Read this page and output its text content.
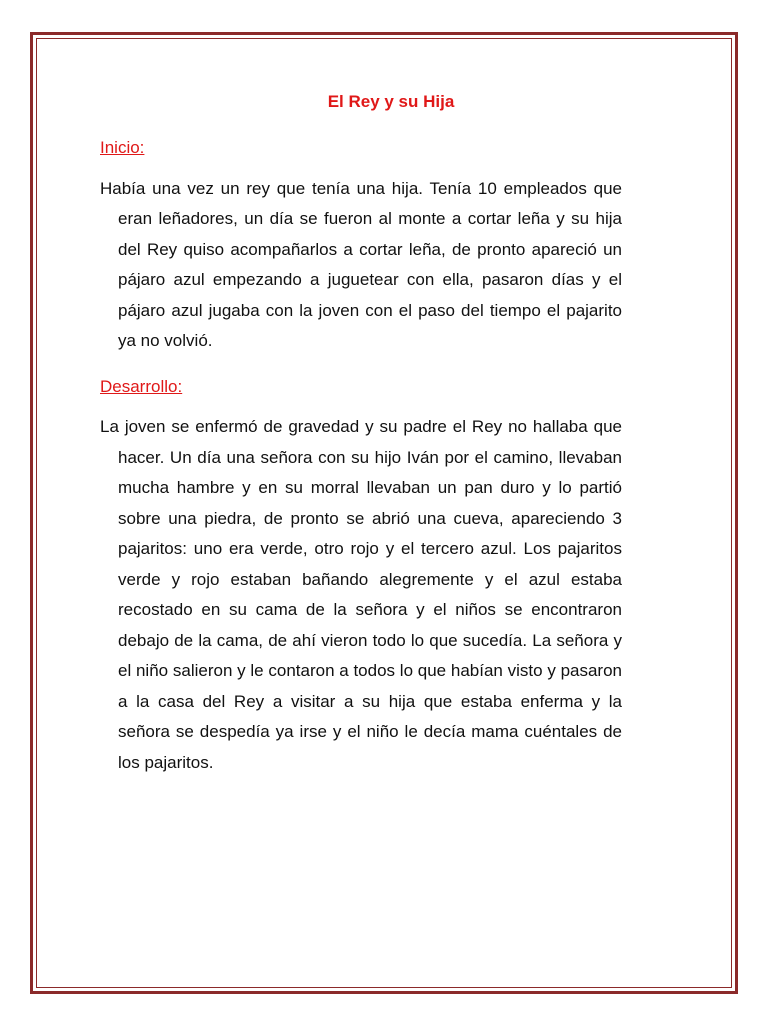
El Rey y su Hija
Inicio:

Había una vez un rey que tenía una hija. Tenía 10 empleados que eran leñadores, un día se fueron al monte a cortar leña y su hija del Rey quiso acompañarlos a cortar leña, de pronto apareció un pájaro azul empezando a juguetear con ella, pasaron días y el pájaro azul jugaba con la joven con el paso del tiempo el pajarito ya no volvió.

Desarrollo:

La joven se enfermó de gravedad y su padre el Rey no hallaba que hacer. Un día una señora con su hijo Iván por el camino, llevaban mucha hambre y en su morral llevaban un pan duro y lo partió sobre una piedra, de pronto se abrió una cueva, apareciendo 3 pajaritos: uno era verde, otro rojo y el tercero azul. Los pajaritos verde y rojo estaban bañando alegremente y el azul estaba recostado en su cama de la señora y el niños se encontraron debajo de la cama, de ahí vieron todo lo que sucedía. La señora y el niño salieron y le contaron a todos lo que habían visto y pasaron a la casa del Rey a visitar a su hija que estaba enferma y la señora se despedía ya irse y el niño le decía mama cuéntales de los pajaritos.
